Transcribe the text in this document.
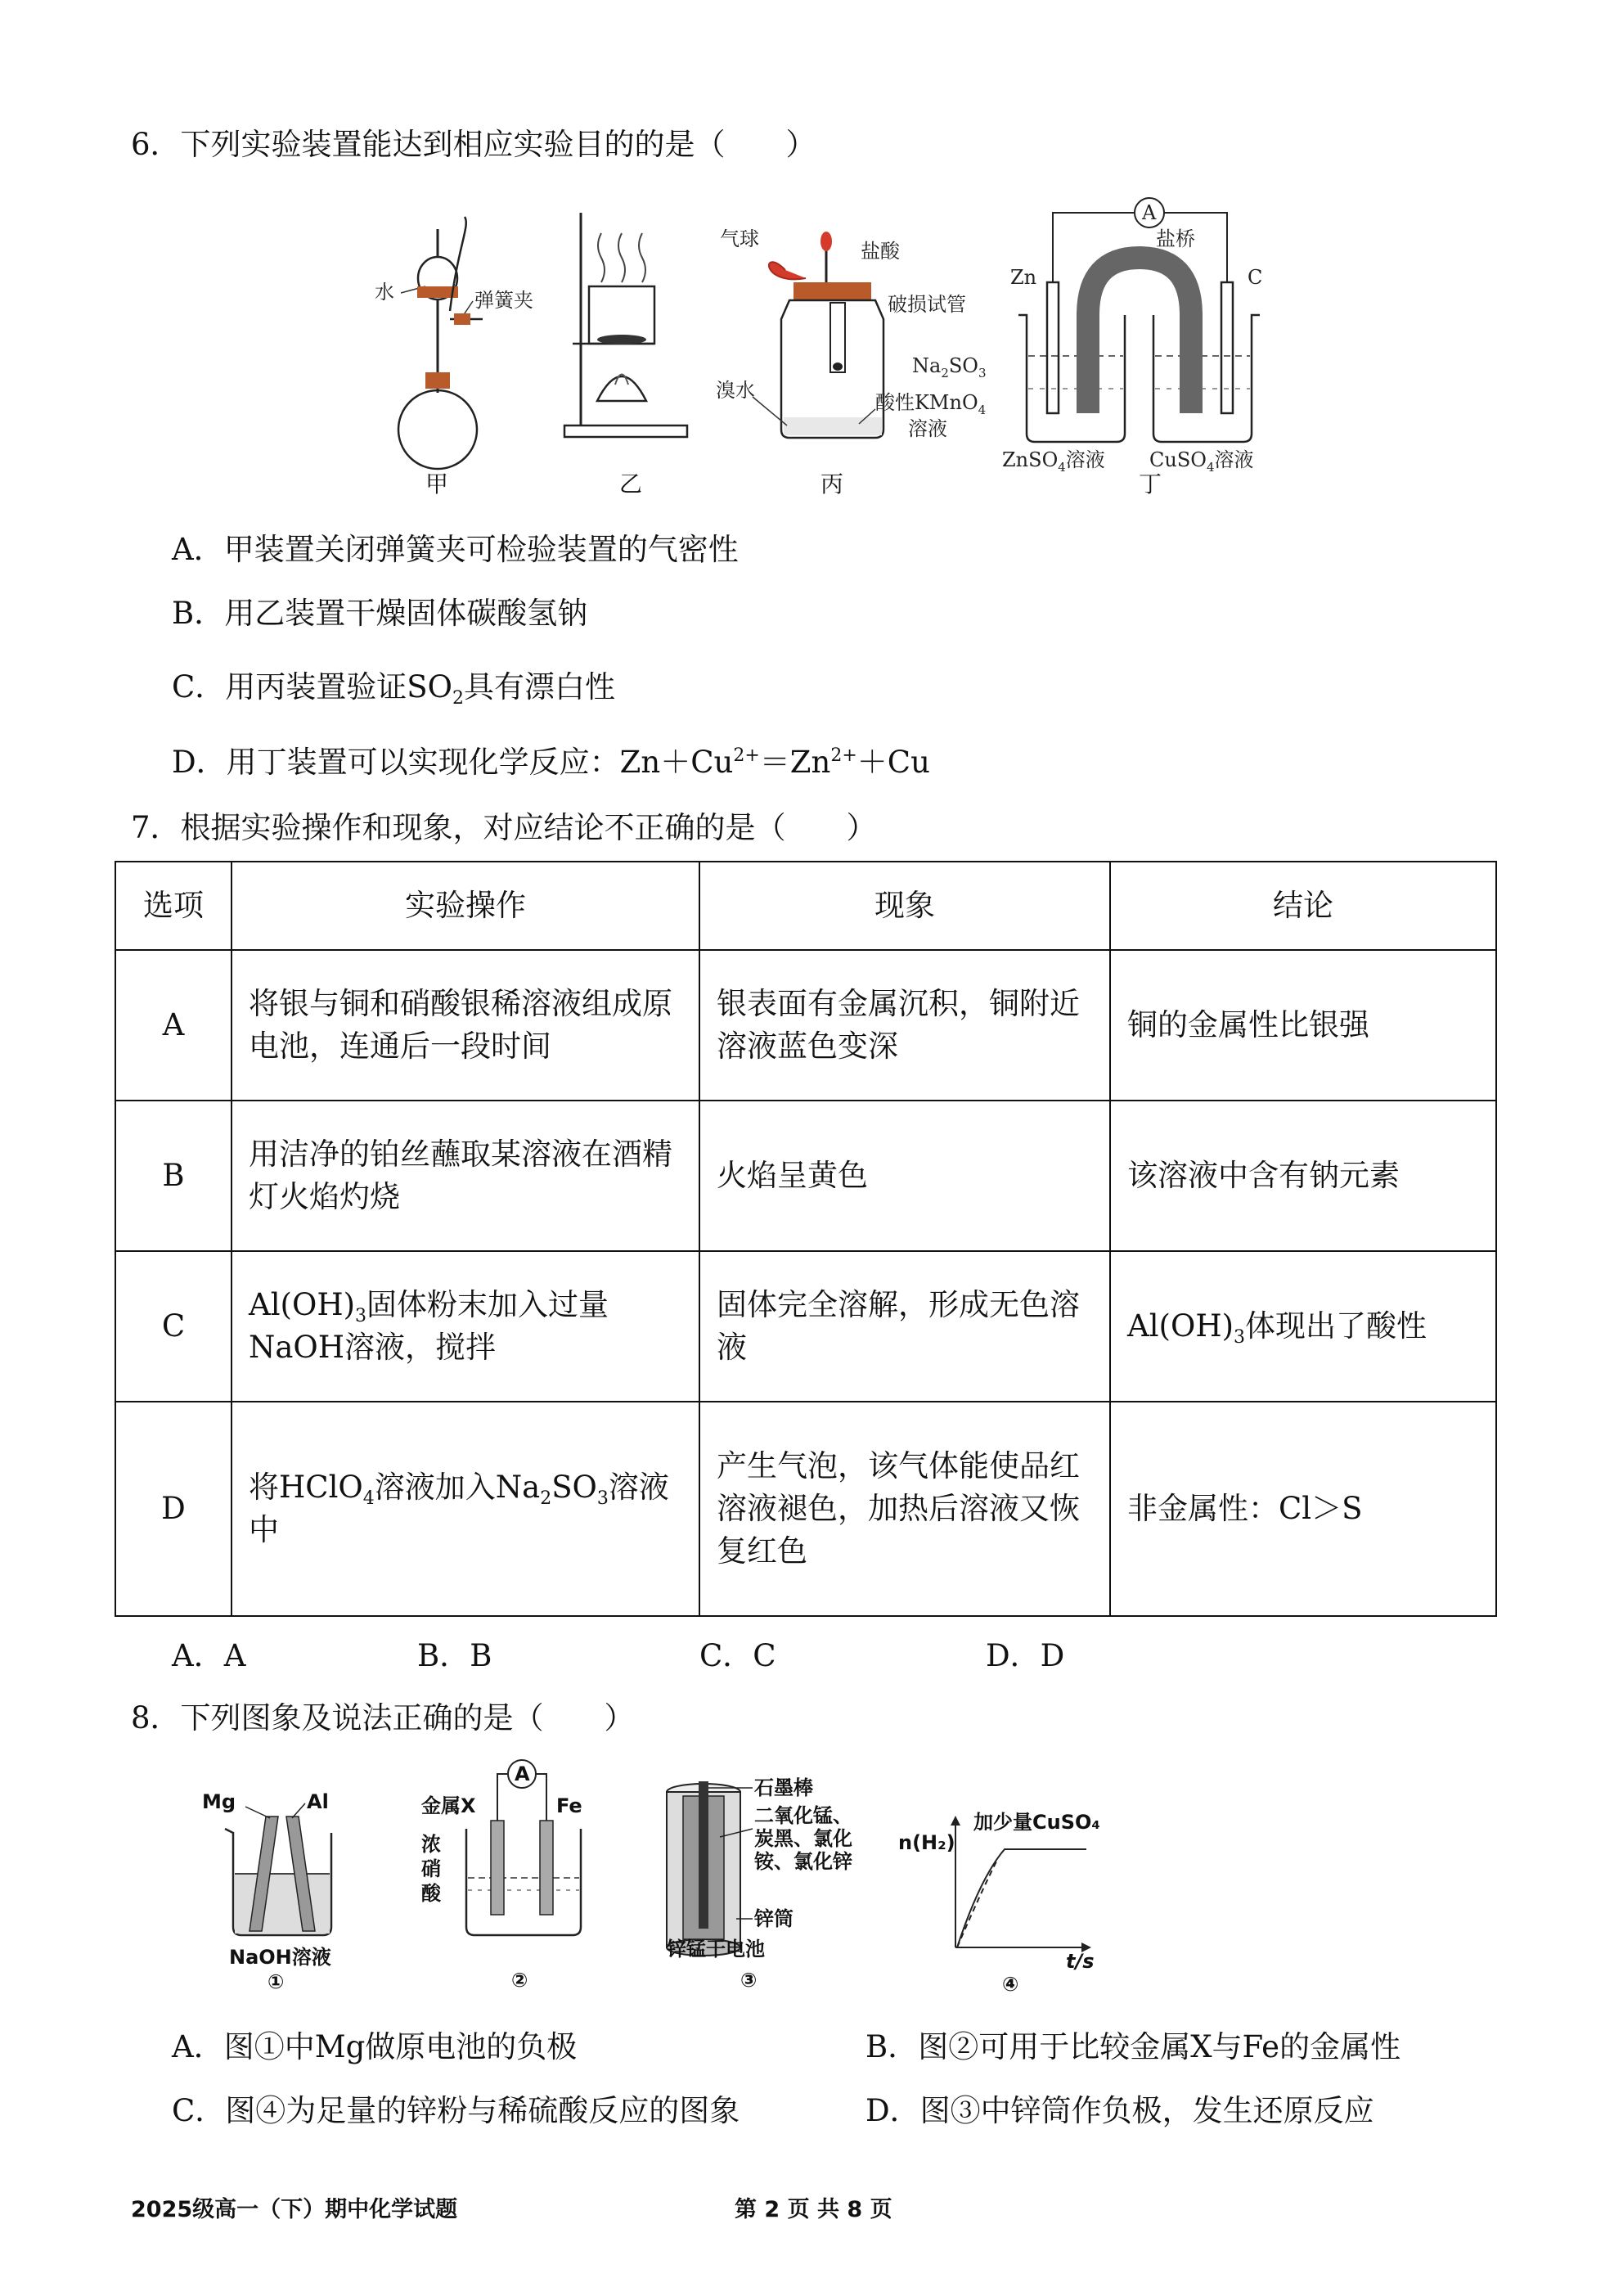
6．下列实验装置能达到相应实验目的的是（　　）
水	弹簧夹
甲	乙
气球
盐酸
破损试管
$Na_2SO_3$
溴水
酸性KMnO$_4$
溶液
丙
A
盐桥
Zn	C
ZnSO$_4$溶液 CuSO$_4$溶液
丁
A．甲装置关闭弹簧夹可检验装置的气密性
B．用乙装置干燥固体碳酸氢钠
C．用丙装置验证$SO_2$具有漂白性
D．用丁装置可以实现化学反应：$Zn+Cu^{2+}=Zn^{2+}+Cu$
7．根据实验操作和现象，对应结论不正确的是（　　）
选项	实验操作	现象	结论
A	将银与铜和硝酸银稀溶液组成原电池，连通后一段时间	银表面有金属沉积，铜附近溶液蓝色变深	铜的金属性比银强
B	用洁净的铂丝蘸取某溶液在酒精灯火焰灼烧	火焰呈黄色	该溶液中含有钠元素
C	$Al(OH)_3$固体粉末加入过量NaOH溶液，搅拌	固体完全溶解，形成无色溶液	$Al(OH)_3$体现出了酸性
D	将HClO$_4$溶液加入$Na_2SO_3$溶液中	产生气泡，该气体能使品红溶液褪色，加热后溶液又恢复红色	非金属性：Cl＞S
A．A	B．B	C．C	D．D
8．下列图象及说法正确的是（　　）
Mg	Al
NaOH溶液
①
A
金属X	Fe
浓
硝
酸
②
石墨棒
二氧化锰、
炭黑、氯化
铵、氯化锌
锌筒
锌锰干电池
③
n(H₂)
加少量CuSO₄
t/s
④
A．图①中Mg做原电池的负极	B．图②可用于比较金属X与Fe的金属性
C．图④为足量的锌粉与稀硫酸反应的图象	D．图③中锌筒作负极，发生还原反应
2025级高一（下）期中化学试题	第 2 页 共 8 页
